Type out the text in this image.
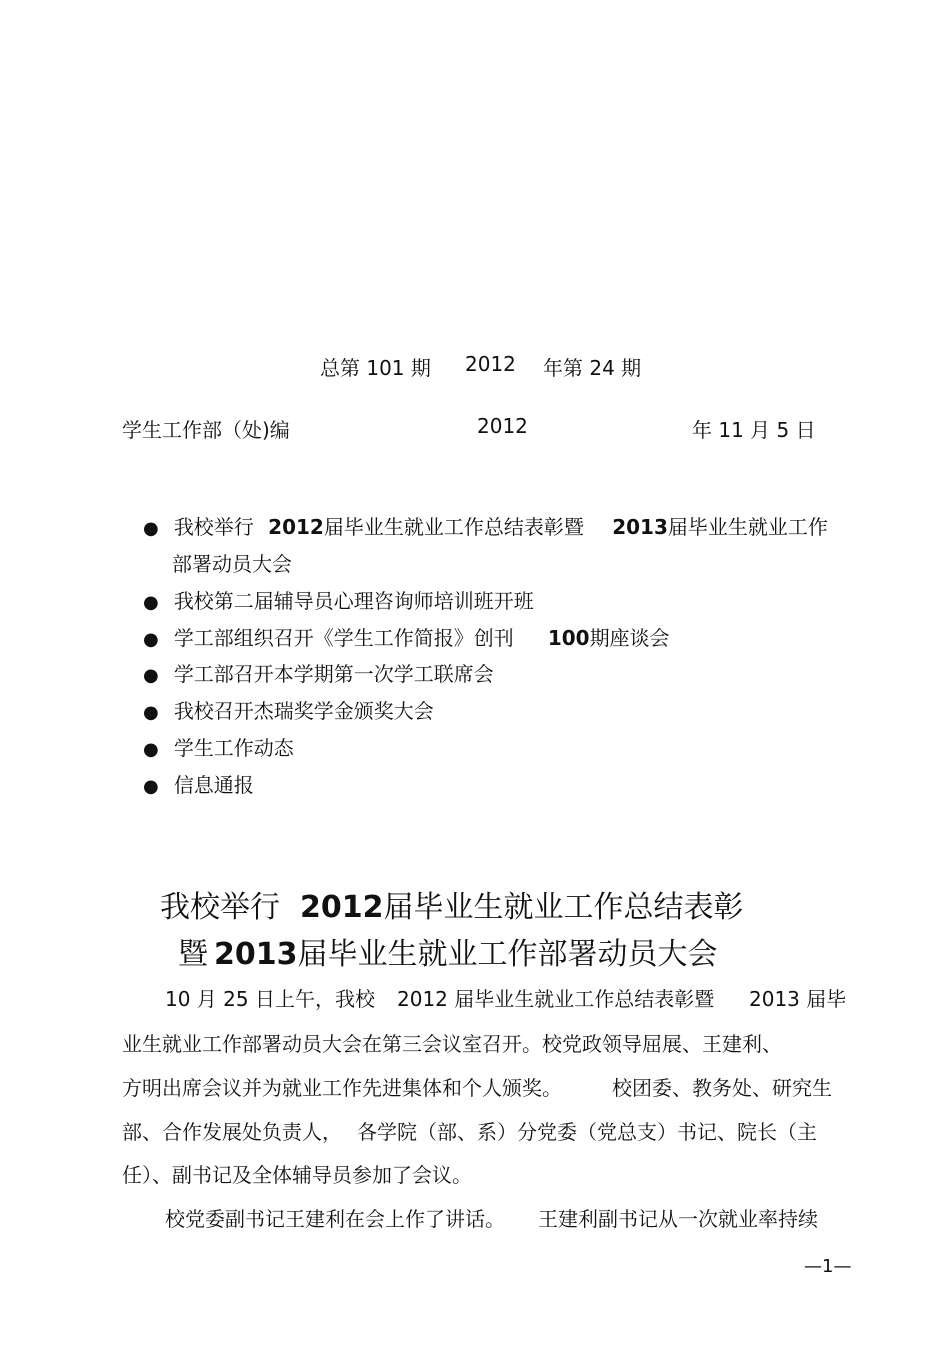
总第 101 期 2012 年第 24 期
学生工作部（处)编	2012	年 11 月 5 日
● 我校举行 2012届毕业生就业工作总结表彰暨 2013届毕业生就业工作
部署动员大会
● 我校第二届辅导员心理咨询师培训班开班
● 学工部组织召开《学生工作简报》创刊 100期座谈会
● 学工部召开本学期第一次学工联席会
● 我校召开杰瑞奖学金颁奖大会
● 学生工作动态
● 信息通报
我校举行 2012届毕业生就业工作总结表彰
暨 2013届毕业生就业工作部署动员大会
10 月 25 日上午，我校 2012 届毕业生就业工作总结表彰暨 2013 届毕
业生就业工作部署动员大会在第三会议室召开。校党政领导屈展、王建利、
方明出席会议并为就业工作先进集体和个人颁奖。	校团委、教务处、研究生
部、合作发展处负责人， 各学院（部、系）分党委（党总支）书记、院长（主
任）、副书记及全体辅导员参加了会议。
校党委副书记王建利在会上作了讲话。 王建利副书记从一次就业率持续
—1—
